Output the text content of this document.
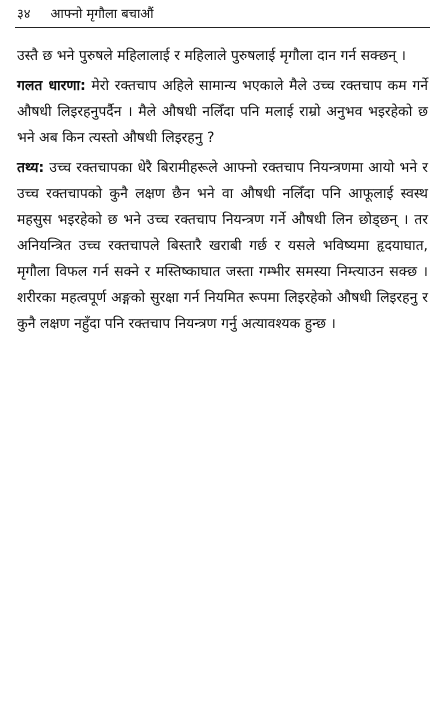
३४ आफ्नो मृगौला बचाऔं

उस्तै छ भने पुरुषले महिलालाई र महिलाले पुरुषलाई मृगौला दान गर्न सक्छन् ।

गलत धारणा: मेरो रक्तचाप अहिले सामान्य भएकाले मैले उच्च रक्तचाप कम गर्ने औषधी लिइरहनुपर्दैन । मैले औषधी नलिँदा पनि मलाई राम्रो अनुभव भइरहेको छ भने अब किन त्यस्तो औषधी लिइरहनु ?

तथ्य: उच्च रक्तचापका धेरै बिरामीहरूले आफ्नो रक्तचाप नियन्त्रणमा आयो भने र उच्च रक्तचापको कुनै लक्षण छैन भने वा औषधी नलिँदा पनि आफूलाई स्वस्थ महसुस भइरहेको छ भने उच्च रक्तचाप नियन्त्रण गर्ने औषधी लिन छोड्छन् । तर अनियन्त्रित उच्च रक्तचापले बिस्तारै खराबी गर्छ र यसले भविष्यमा हृदयाघात, मृगौला विफल गर्न सक्ने र मस्तिष्काघात जस्ता गम्भीर समस्या निम्त्याउन सक्छ । शरीरका महत्वपूर्ण अङ्गको सुरक्षा गर्न नियमित रूपमा लिइरहेको औषधी लिइरहनु र कुनै लक्षण नहुँदा पनि रक्तचाप नियन्त्रण गर्नु अत्यावश्यक हुन्छ ।
